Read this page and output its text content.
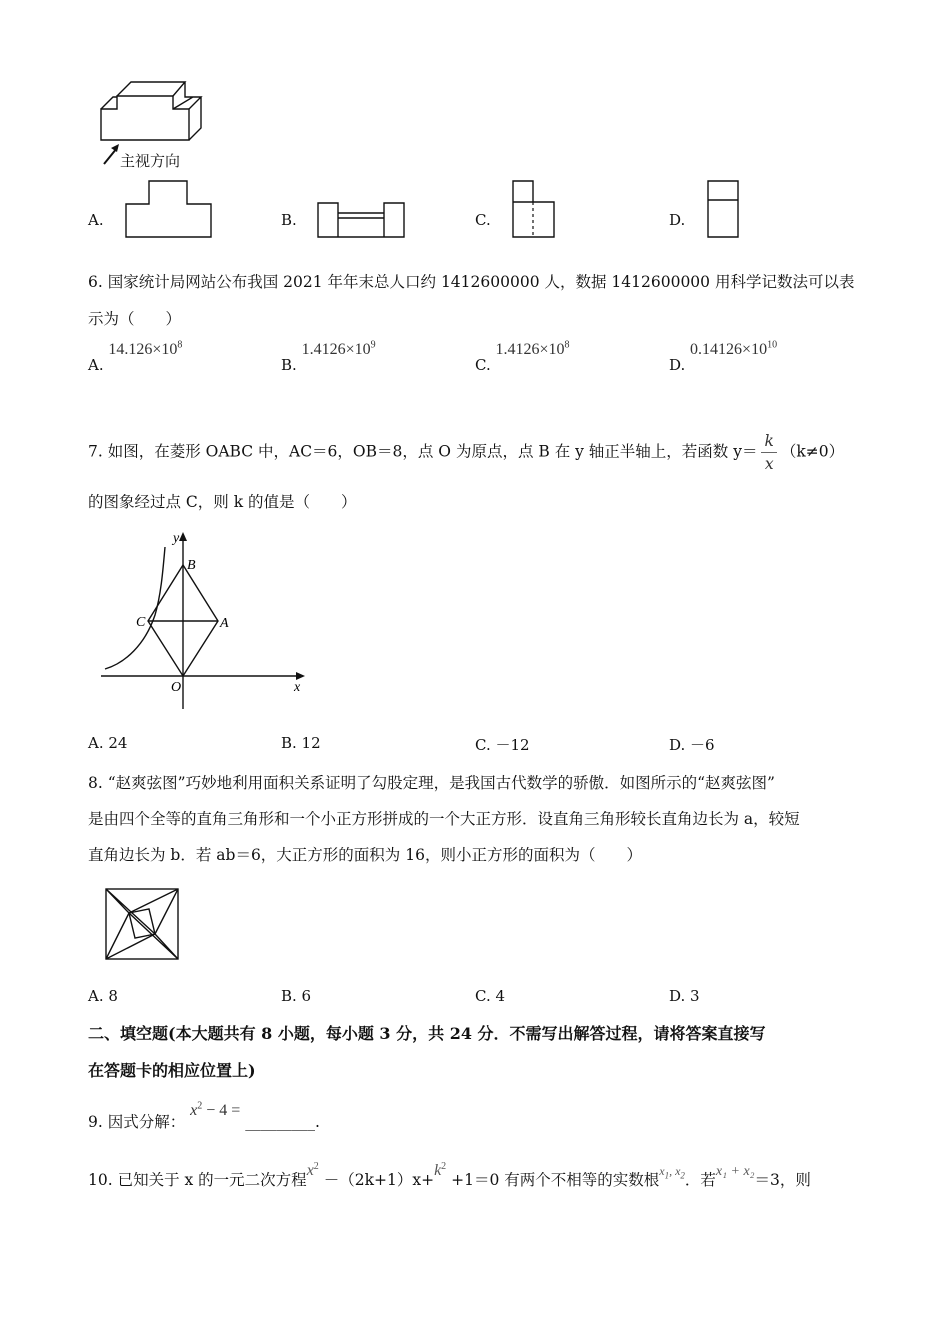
主视方向
A.	B.	C.	D.
6. 国家统计局网站公布我国 2021 年年末总人口约 1412600000 人，数据 1412600000 用科学记数法可以表
示为（　　）
A. $14.126\times 10^8$
B. $1.4126\times 10^9$
C. $1.4126\times 10^8$
D. $0.14126\times 10^{10}$
7. 如图，在菱形 OABC 中，AC＝6，OB＝8，点 O 为原点，点 B 在 y 轴正半轴上，若函数 $y= \frac{k}{x} (k\ne 0)$
的图象经过点 C，则 k 的值是（　　）
y
B
C	A
O	x
A. 24	B. 12	C. －12	D. －6
8. “赵爽弦图”巧妙地利用面积关系证明了勾股定理，是我国古代数学的骄傲．如图所示的“赵爽弦图”
是由四个全等的直角三角形和一个小正方形拼成的一个大正方形．设直角三角形较长直角边长为 a，较短
直角边长为 b．若 ab＝6，大正方形的面积为 16，则小正方形的面积为（　　）
A. 8	B. 6	C. 4	D. 3
二、填空题(本大题共有 8 小题，每小题 3 分，共 24 分．不需写出解答过程，请将答案直接写
在答题卡的相应位置上)
9. 因式分解： $x^2 - 4$ = _________.
10. 已知关于 x 的一元二次方程$x^2 -(2k+1)x+k^2 +1=0$ 有两个不相等的实数根$x_1$, $x_2$．若x₁ + x₂＝3，则
